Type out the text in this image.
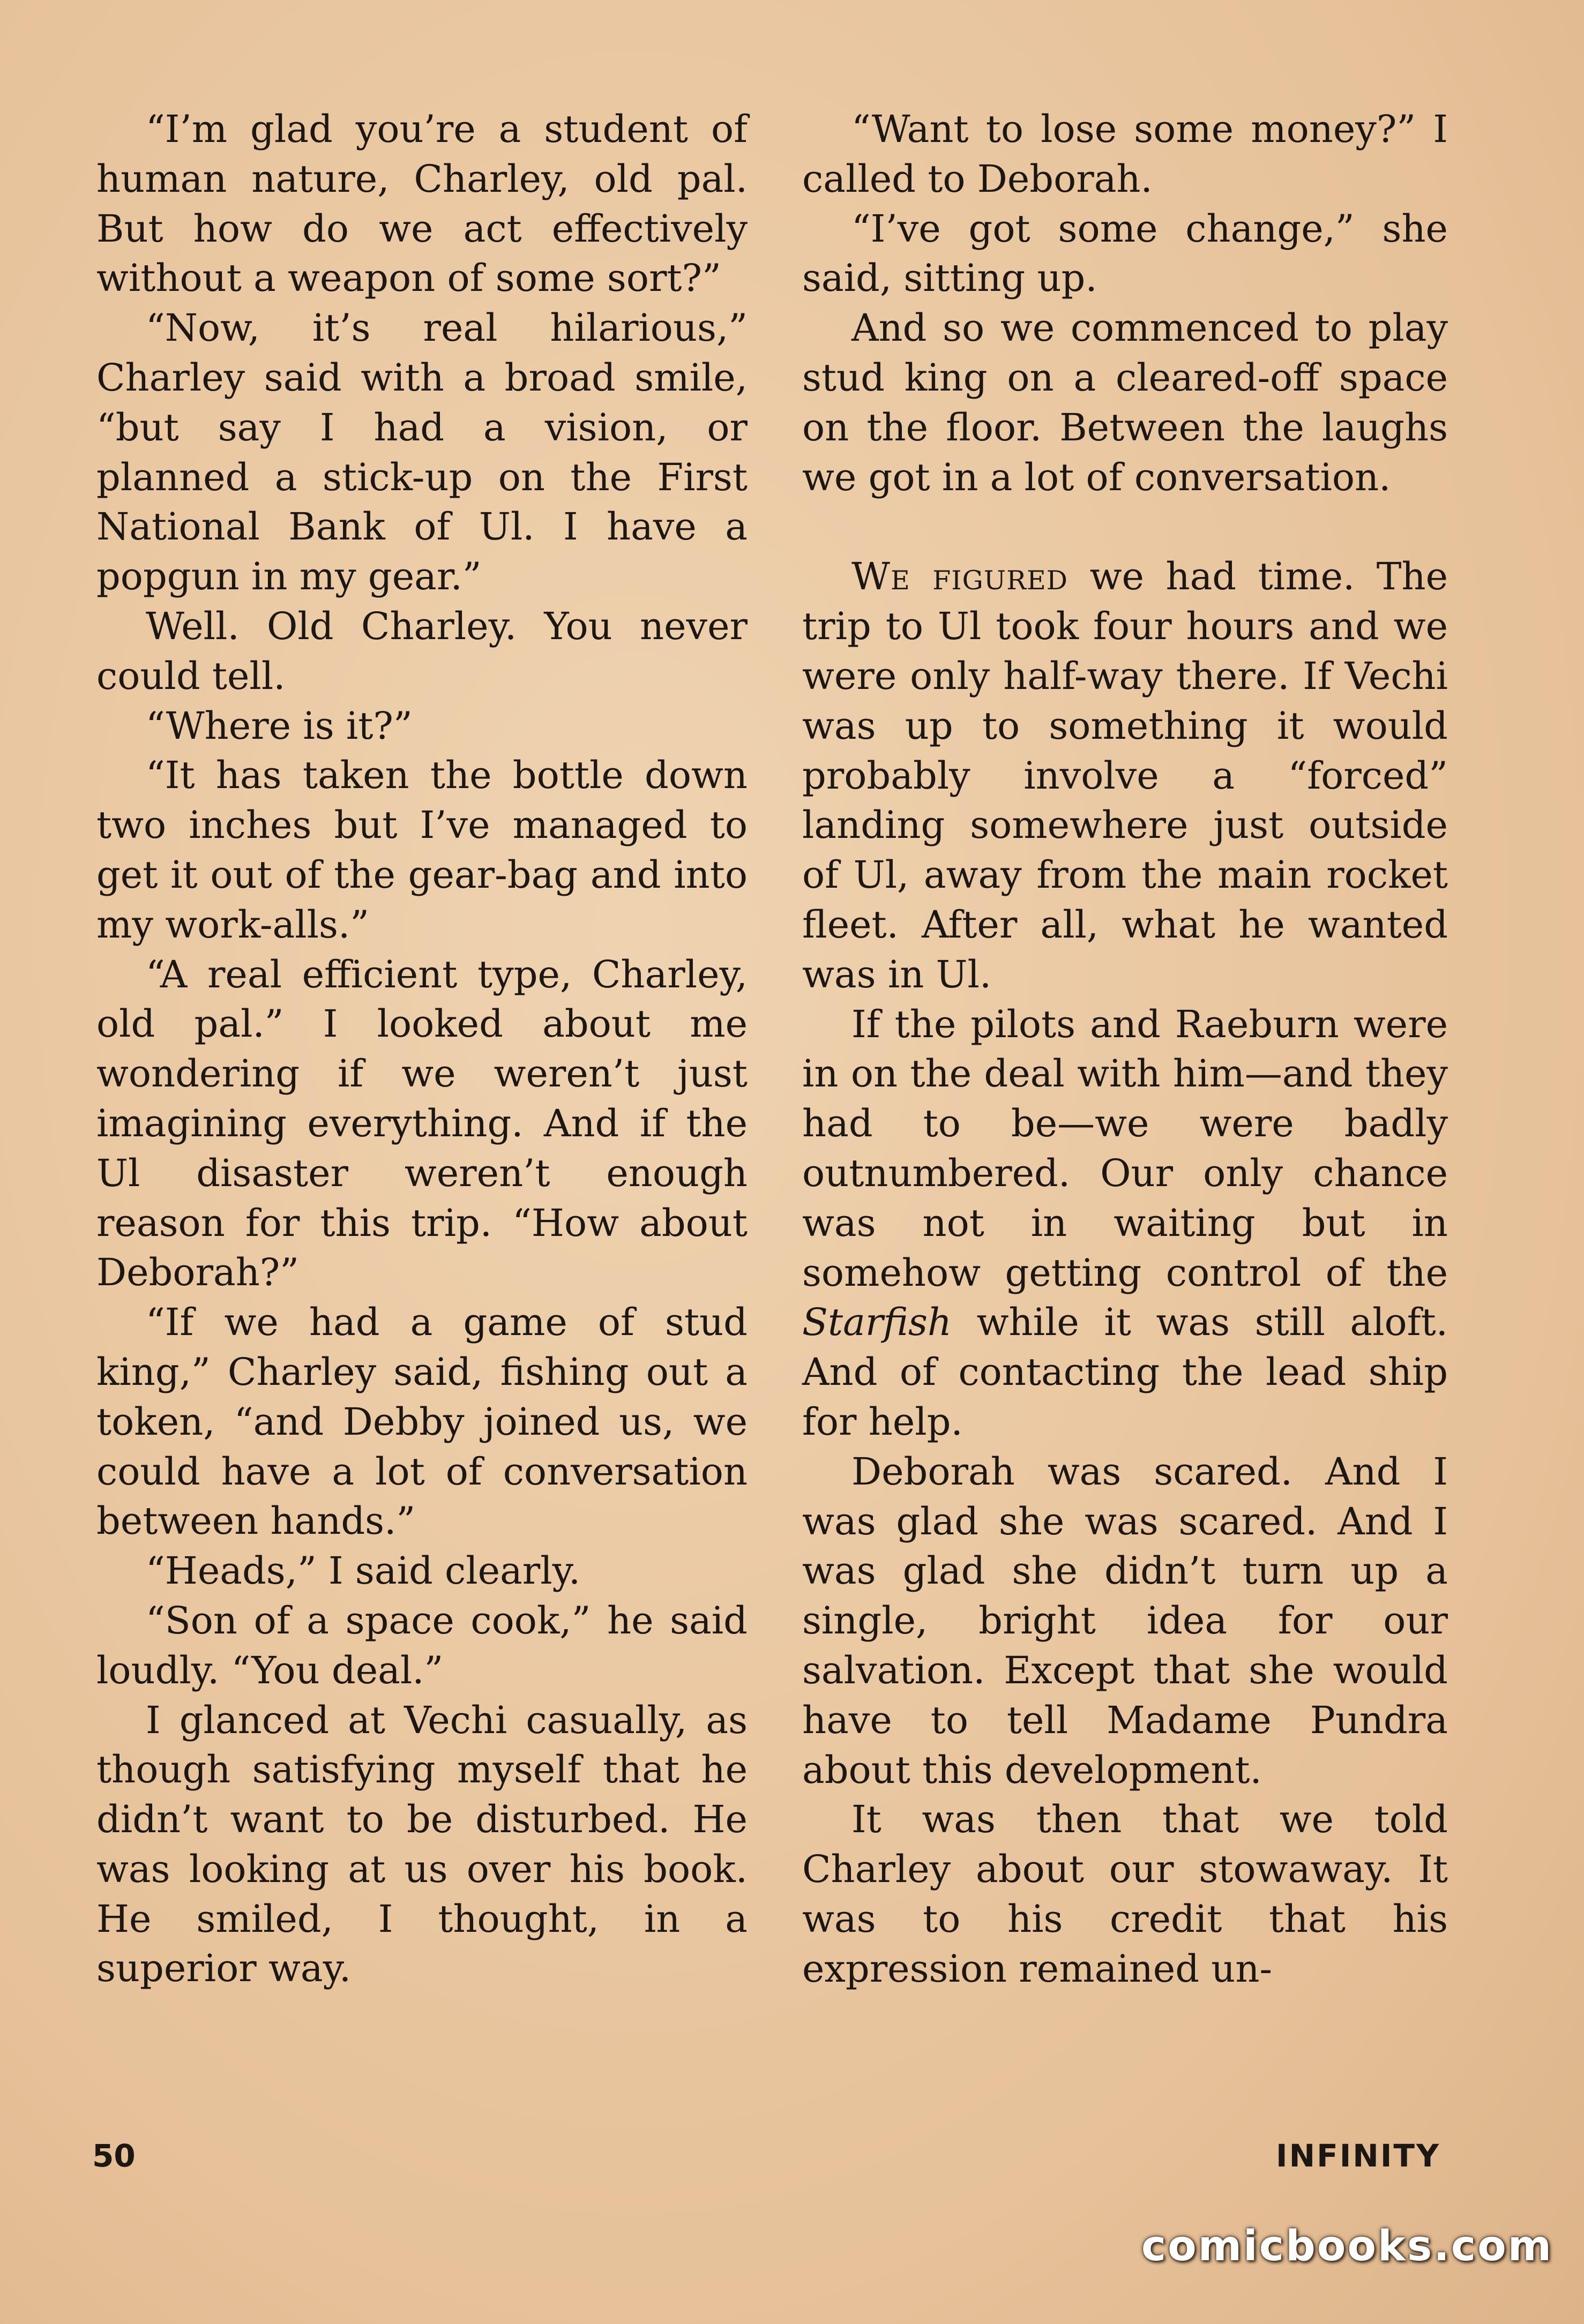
“I’m glad you’re a student of human nature, Charley, old pal. But how do we act effectively without a weapon of some sort?”

“Now, it’s real hilarious,” Charley said with a broad smile, “but say I had a vision, or planned a stick-up on the First National Bank of Ul. I have a popgun in my gear.”

Well. Old Charley. You never could tell.

“Where is it?”

“It has taken the bottle down two inches but I’ve managed to get it out of the gear-bag and into my work-alls.”

“A real efficient type, Charley, old pal.” I looked about me wondering if we weren’t just imagining everything. And if the Ul disaster weren’t enough reason for this trip. “How about Deborah?”

“If we had a game of stud king,” Charley said, fishing out a token, “and Debby joined us, we could have a lot of conversation between hands.”

“Heads,” I said clearly.

“Son of a space cook,” he said loudly. “You deal.”

I glanced at Vechi casually, as though satisfying myself that he didn’t want to be disturbed. He was looking at us over his book. He smiled, I thought, in a superior way.

“Want to lose some money?” I called to Deborah.

“I’ve got some change,” she said, sitting up.

And so we commenced to play stud king on a cleared-off space on the floor. Between the laughs we got in a lot of conversation.

We figured we had time. The trip to Ul took four hours and we were only half-way there. If Vechi was up to something it would probably involve a “forced” landing somewhere just outside of Ul, away from the main rocket fleet. After all, what he wanted was in Ul.

If the pilots and Raeburn were in on the deal with him—and they had to be—we were badly outnumbered. Our only chance was not in waiting but in somehow getting control of the Starfish while it was still aloft. And of contacting the lead ship for help.

Deborah was scared. And I was glad she was scared. And I was glad she didn’t turn up a single, bright idea for our salvation. Except that she would have to tell Madame Pundra about this development.

It was then that we told Charley about our stowaway. It was to his credit that his expression remained un-

50	INFINITY
comicbooks.com
